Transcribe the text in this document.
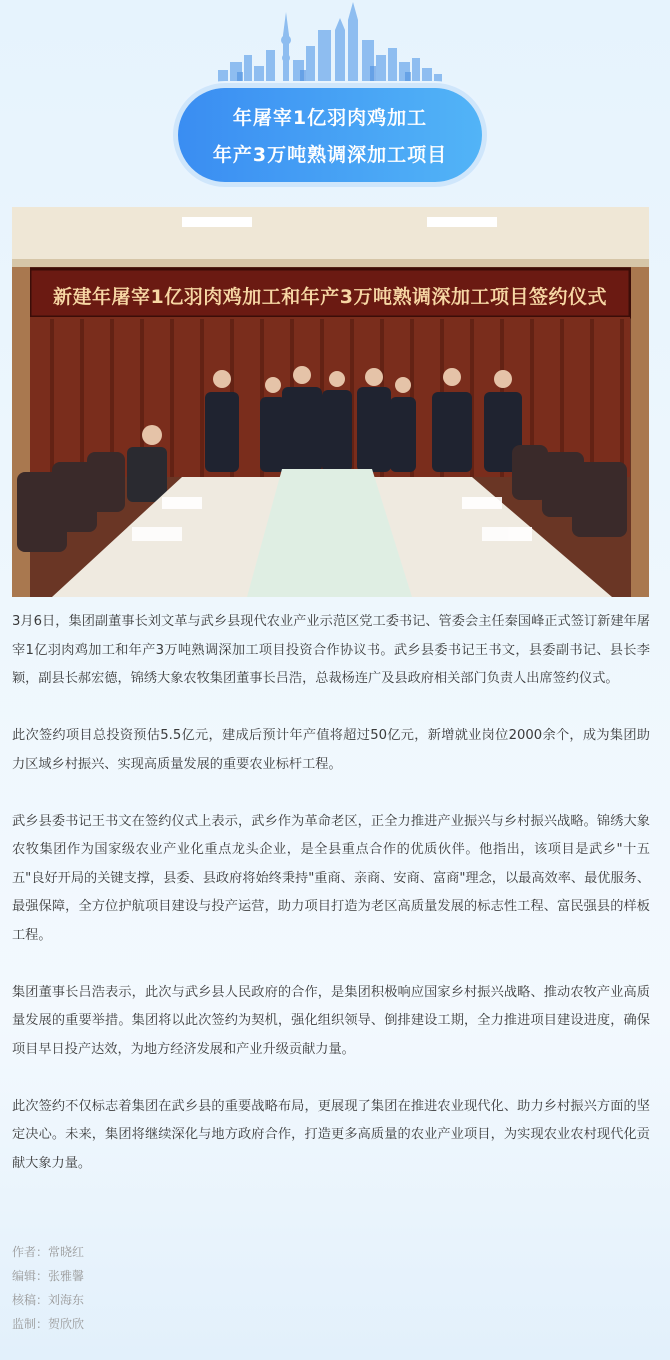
年屠宰1亿羽肉鸡加工
年产3万吨熟调深加工项目
新建年屠宰1亿羽肉鸡加工和年产3万吨熟调深加工项目签约仪式

3月6日，集团副董事长刘文革与武乡县现代农业产业示范区党工委书记、管委会主任秦国峰正式签订新建年屠宰1亿羽肉鸡加工和年产3万吨熟调深加工项目投资合作协议书。武乡县委书记王书文，县委副书记、县长李颖，副县长郝宏德，锦绣大象农牧集团董事长吕浩，总裁杨连广及县政府相关部门负责人出席签约仪式。

此次签约项目总投资预估5.5亿元，建成后预计年产值将超过50亿元，新增就业岗位2000余个，成为集团助力区域乡村振兴、实现高质量发展的重要农业标杆工程。

武乡县委书记王书文在签约仪式上表示，武乡作为革命老区，正全力推进产业振兴与乡村振兴战略。锦绣大象农牧集团作为国家级农业产业化重点龙头企业，是全县重点合作的优质伙伴。他指出，该项目是武乡"十五五"良好开局的关键支撑，县委、县政府将始终秉持"重商、亲商、安商、富商"理念，以最高效率、最优服务、最强保障，全方位护航项目建设与投产运营，助力项目打造为老区高质量发展的标志性工程、富民强县的样板工程。

集团董事长吕浩表示，此次与武乡县人民政府的合作，是集团积极响应国家乡村振兴战略、推动农牧产业高质量发展的重要举措。集团将以此次签约为契机，强化组织领导、倒排建设工期，全力推进项目建设进度，确保项目早日投产达效，为地方经济发展和产业升级贡献力量。

此次签约不仅标志着集团在武乡县的重要战略布局，更展现了集团在推进农业现代化、助力乡村振兴方面的坚定决心。未来，集团将继续深化与地方政府合作，打造更多高质量的农业产业项目，为实现农业农村现代化贡献大象力量。

作者： 常晓红
编辑： 张雅馨
核稿： 刘海东
监制： 贺欣欣
